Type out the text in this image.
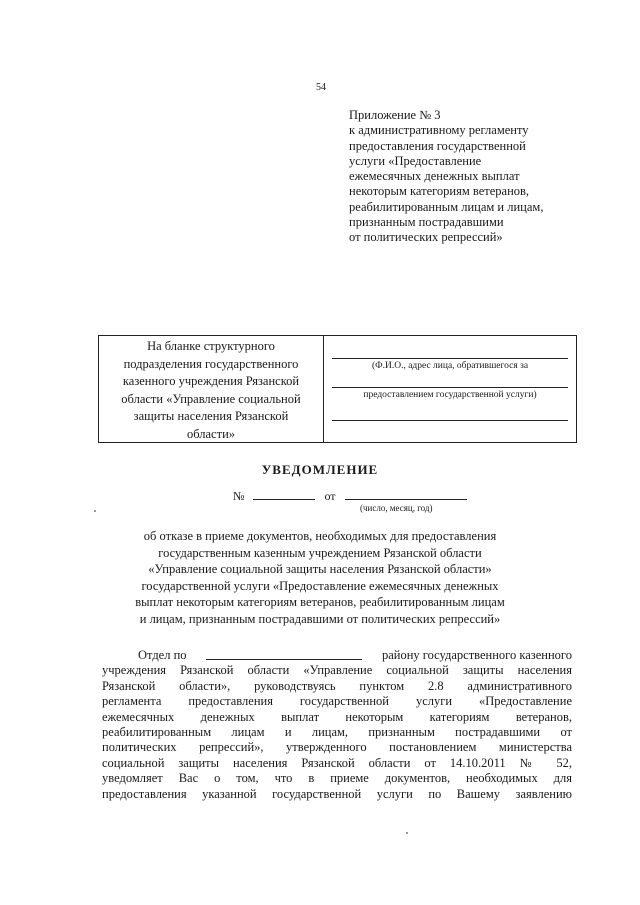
54
Приложение № 3
к административному регламенту
предоставления государственной
услуги «Предоставление
ежемесячных денежных выплат
некоторым категориям ветеранов,
реабилитированным лицам и лицам,
признанным пострадавшими
от политических репрессий»
На бланке структурного
подразделения государственного
казенного учреждения Рязанской
области «Управление социальной
защиты населения Рязанской
области»
(Ф.И.О., адрес лица, обратившегося за
предоставлением государственной услуги)
УВЕДОМЛЕНИЕ
№	от
(число, месяц, год)
об отказе в приеме документов, необходимых для предоставления
государственным казенным учреждением Рязанской области
«Управление социальной защиты населения Рязанской области»
государственной услуги «Предоставление ежемесячных денежных
выплат некоторым категориям ветеранов, реабилитированным лицам
и лицам, признанным пострадавшими от политических репрессий»
Отдел по	району государственного казенного
учреждения Рязанской области «Управление социальной защиты населения
Рязанской области», руководствуясь пунктом 2.8 административного
регламента предоставления государственной услуги «Предоставление
ежемесячных денежных выплат некоторым категориям ветеранов,
реабилитированным лицам и лицам, признанным пострадавшими от
политических репрессий», утвержденного постановлением министерства
социальной защиты населения Рязанской области от 14.10.2011 № 52,
уведомляет Вас о том, что в приеме документов, необходимых для
предоставления указанной государственной услуги по Вашему заявлению
